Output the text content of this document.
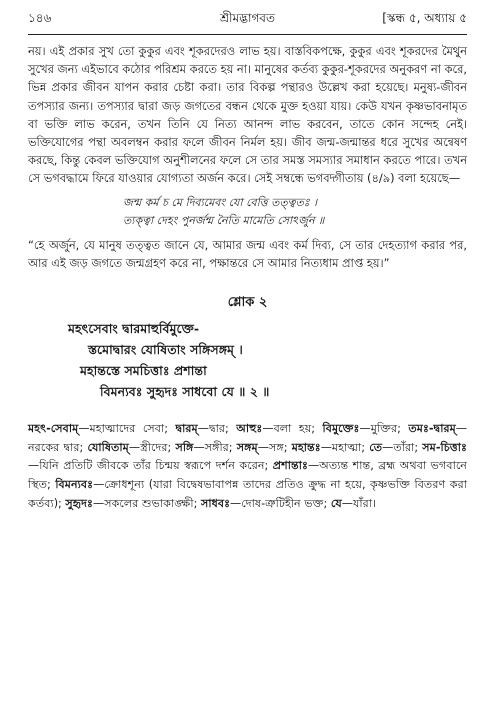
১৪৬	শ্রীমদ্ভাগবত	[স্কন্ধ ৫, অধ্যায় ৫

নয়। এই প্রকার সুখ তো কুকুর এবং শূকরদেরও লাভ হয়। বাস্তবিকপক্ষে, কুকুর এবং শূকরদের মৈথুন সুখের জন্য এইভাবে কঠোর পরিশ্রম করতে হয় না। মানুষের কর্তব্য কুকুর-শূকরদের অনুকরণ না করে, ভিন্ন প্রকার জীবন যাপন করার চেষ্টা করা। তার বিকল্প পন্থারও উল্লেখ করা হয়েছে। মনুষ্য-জীবন তপস্যার জন্য। তপস্যার দ্বারা জড় জগতের বন্ধন থেকে মুক্ত হওয়া যায়। কেউ যখন কৃষ্ণভাবনামৃত বা ভক্তি লাভ করেন, তখন তিনি যে নিত্য আনন্দ লাভ করবেন, তাতে কোন সন্দেহ নেই। ভক্তিযোগের পন্থা অবলম্বন করার ফলে জীবন নির্মল হয়। জীব জন্ম-জন্মান্তর ধরে সুখের অন্বেষণ করছে, কিন্তু কেবল ভক্তিযোগ অনুশীলনের ফলে সে তার সমস্ত সমস্যার সমাধান করতে পারে। তখন সে ভগবদ্ধামে ফিরে যাওয়ার যোগ্যতা অর্জন করে। সেই সম্বন্ধে ভগবদ্গীতায় (৪/৯) বলা হয়েছে—

জন্ম কর্ম চ মে দিব্যমেবং যো বেত্তি তত্ত্বতঃ ।
ত্যক্ত্বা দেহং পুনর্জন্ম নৈতি মামেতি সোঽর্জুন ॥

“হে অর্জুন, যে মানুষ তত্ত্বত জানে যে, আমার জন্ম এবং কর্ম দিব্য, সে তার দেহত্যাগ করার পর, আর এই জড় জগতে জন্মগ্রহণ করে না, পক্ষান্তরে সে আমার নিত্যধাম প্রাপ্ত হয়।”

শ্লোক ২
মহৎসেবাং দ্বারমাহুর্বিমুক্তে-
স্তমোদ্বারং যোষিতাং সঙ্গিসঙ্গম্ ।
মহান্তস্তে সমচিত্তাঃ প্রশান্তা
বিমন্যবঃ সুহৃদঃ সাধবো যে ॥ ২ ॥
মহৎ-সেবাম্—মহাত্মাদের সেবা; দ্বারম্—দ্বার; আহুঃ—বলা হয়; বিমুক্তেঃ—মুক্তির; তমঃ-দ্বারম্—নরকের দ্বার; যোষিতাম্—স্ত্রীদের; সঙ্গি—সঙ্গীর; সঙ্গম্—সঙ্গ; মহান্তঃ—মহাত্মা; তে—তাঁরা; সম-চিত্তাঃ—যিনি প্রতিটি জীবকে তাঁর চিন্ময় স্বরূপে দর্শন করেন; প্রশান্তাঃ—অত্যন্ত শান্ত, ব্রহ্ম অথবা ভগবানে স্থিত; বিমন্যবঃ—ক্রোধশূন্য (যারা বিদ্বেষভাবাপন্ন তাদের প্রতিও ক্রুদ্ধ না হয়ে, কৃষ্ণভক্তি বিতরণ করা কর্তব্য); সুহৃদঃ—সকলের শুভাকাঙ্ক্ষী; সাধবঃ—দোষ-ত্রুটিহীন ভক্ত; যে—যাঁরা।
